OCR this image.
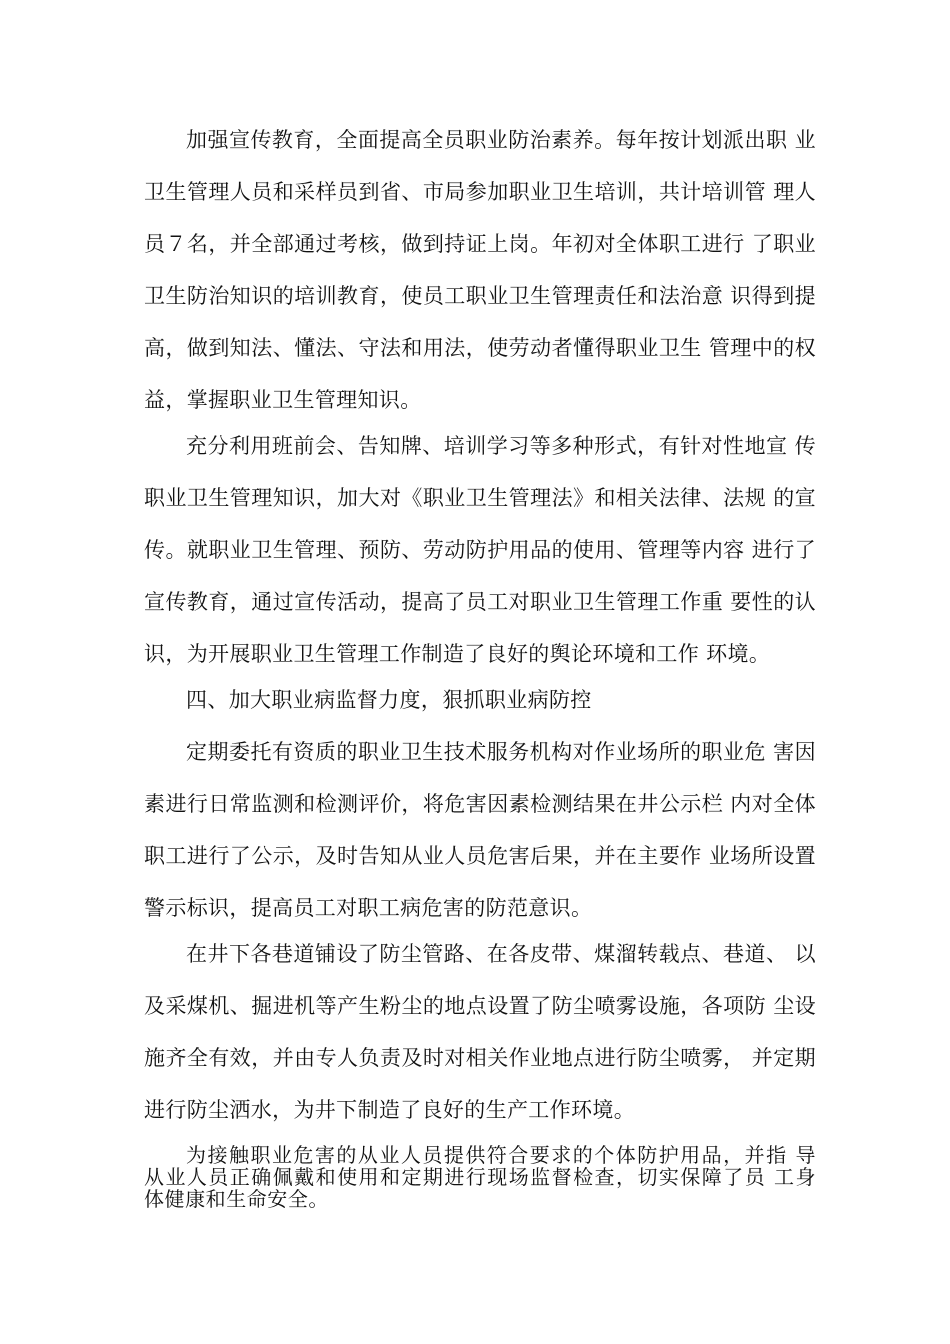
加强宣传教育，全面提高全员职业防治素养。每年按计划派出职 业

卫生管理人员和采样员到省、市局参加职业卫生培训，共计培训管 理人

员７名，并全部通过考核，做到持证上岗。年初对全体职工进行 了职业

卫生防治知识的培训教育，使员工职业卫生管理责任和法治意 识得到提

高，做到知法、懂法、守法和用法，使劳动者懂得职业卫生 管理中的权

益，掌握职业卫生管理知识。

充分利用班前会、告知牌、培训学习等多种形式，有针对性地宣 传

职业卫生管理知识，加大对《职业卫生管理法》和相关法律、法规 的宣

传。就职业卫生管理、预防、劳动防护用品的使用、管理等内容 进行了

宣传教育，通过宣传活动，提高了员工对职业卫生管理工作重 要性的认

识，为开展职业卫生管理工作制造了良好的舆论环境和工作 环境。

四、加大职业病监督力度，狠抓职业病防控

定期委托有资质的职业卫生技术服务机构对作业场所的职业危 害因

素进行日常监测和检测评价，将危害因素检测结果在井公示栏 内对全体

职工进行了公示，及时告知从业人员危害后果，并在主要作 业场所设置

警示标识，提高员工对职工病危害的防范意识。

在井下各巷道铺设了防尘管路、在各皮带、煤溜转载点、巷道、 以

及采煤机、掘进机等产生粉尘的地点设置了防尘喷雾设施，各项防 尘设

施齐全有效，并由专人负责及时对相关作业地点进行防尘喷雾， 并定期

进行防尘洒水，为井下制造了良好的生产工作环境。

为接触职业危害的从业人员提供符合要求的个体防护用品，并指 导

从业人员正确佩戴和使用和定期进行现场监督检查，切实保障了员 工身

体健康和生命安全。
